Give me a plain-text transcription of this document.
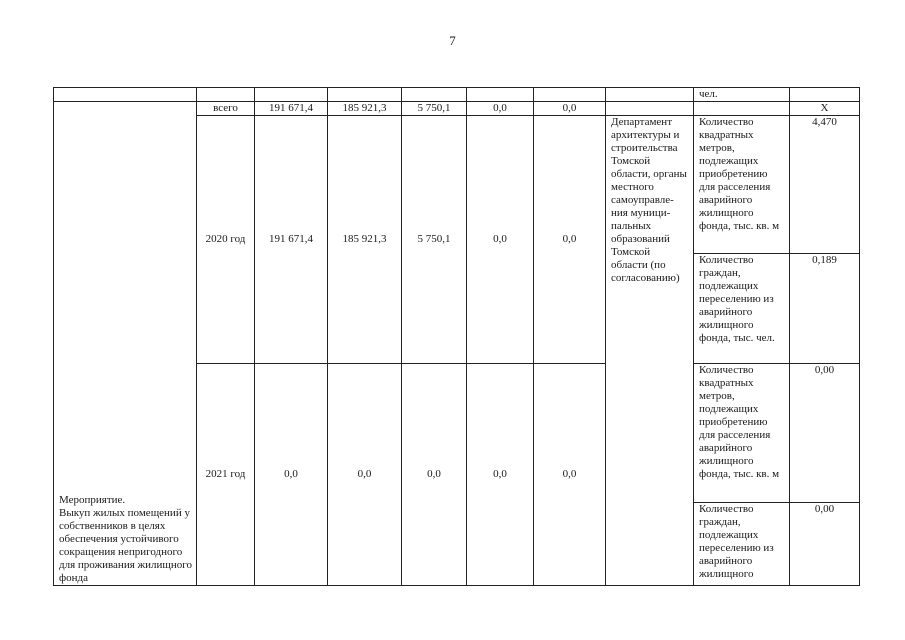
7
								чел.	

Мероприятие.
Выкуп жилых помещений у собственников в целях обеспечения устойчивого сокращения непригодного для проживания жилищного фонда	всего	191 671,4	185 921,3	5 750,1	0,0	0,0			Х
	2020 год	191 671,4	185 921,3	5 750,1	0,0	0,0	Департамент архитектуры и строительства Томской области, органы местного самоуправле-ния муници-пальных образований Томской области (по согласованию)	Количество квадратных метров, подлежащих приобретению для расселения аварийного жилищного фонда, тыс. кв. м	4,470
								Количество граждан, подлежащих переселению из аварийного жилищного фонда, тыс. чел.	0,189
	2021 год	0,0	0,0	0,0	0,0	0,0		Количество квадратных метров, подлежащих приобретению для расселения аварийного жилищного фонда, тыс. кв. м	0,00
								Количество граждан, подлежащих переселению из аварийного жилищного	0,00
